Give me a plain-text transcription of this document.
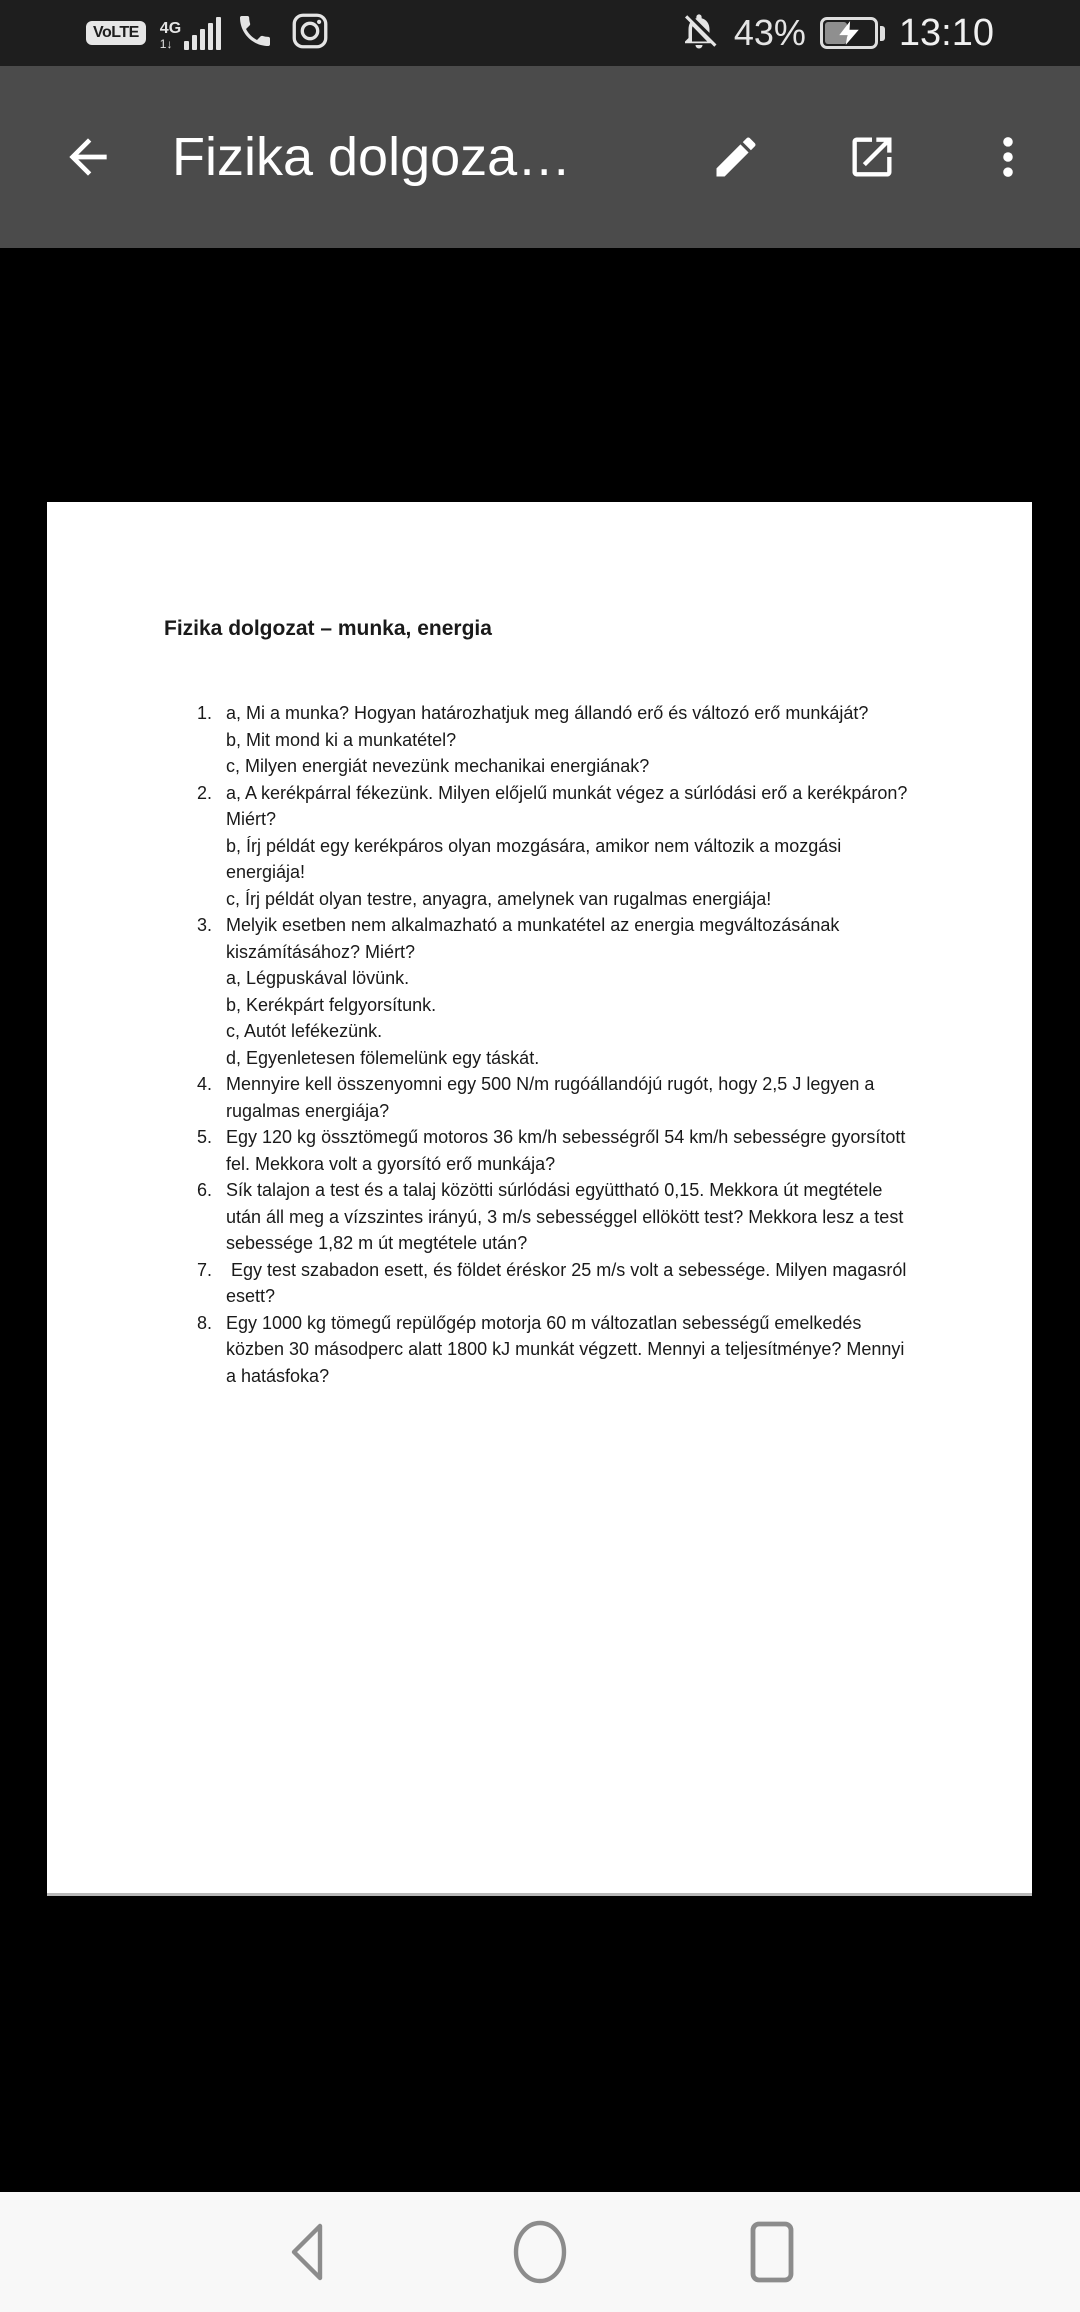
VoLTE	4G
1↓	43% 13:10
Fizika dolgoza…
Fizika dolgozat – munka, energia
1. a, Mi a munka? Hogyan határozhatjuk meg állandó erő és változó erő munkáját?
b, Mit mond ki a munkatétel?
c, Milyen energiát nevezünk mechanikai energiának?
2. a, A kerékpárral fékezünk. Milyen előjelű munkát végez a súrlódási erő a kerékpáron?
Miért?
b, Írj példát egy kerékpáros olyan mozgására, amikor nem változik a mozgási
energiája!
c, Írj példát olyan testre, anyagra, amelynek van rugalmas energiája!
3. Melyik esetben nem alkalmazható a munkatétel az energia megváltozásának
kiszámításához? Miért?
a, Légpuskával lövünk.
b, Kerékpárt felgyorsítunk.
c, Autót lefékezünk.
d, Egyenletesen fölemelünk egy táskát.
4. Mennyire kell összenyomni egy 500 N/m rugóállandójú rugót, hogy 2,5 J legyen a
rugalmas energiája?
5. Egy 120 kg össztömegű motoros 36 km/h sebességről 54 km/h sebességre gyorsított
fel. Mekkora volt a gyorsító erő munkája?
6. Sík talajon a test és a talaj közötti súrlódási együttható 0,15. Mekkora út megtétele
után áll meg a vízszintes irányú, 3 m/s sebességgel ellökött test? Mekkora lesz a test
sebessége 1,82 m út megtétele után?
7. Egy test szabadon esett, és földet éréskor 25 m/s volt a sebessége. Milyen magasról
esett?
8. Egy 1000 kg tömegű repülőgép motorja 60 m változatlan sebességű emelkedés
közben 30 másodperc alatt 1800 kJ munkát végzett. Mennyi a teljesítménye? Mennyi
a hatásfoka?
